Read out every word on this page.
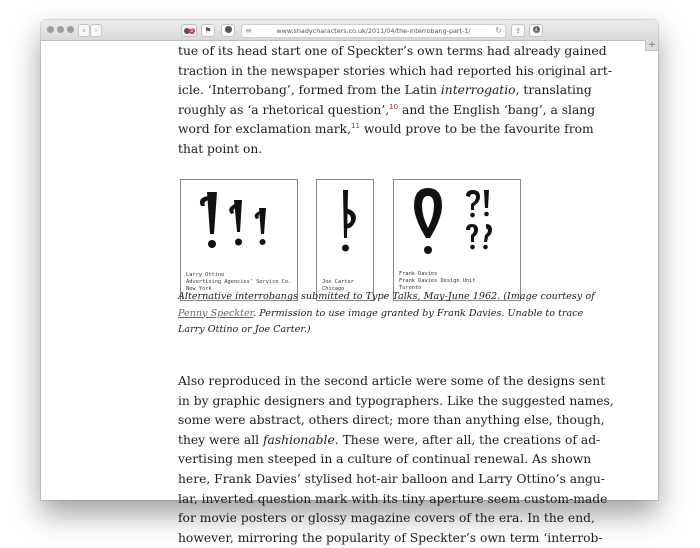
‹	›	3	⚑	≡	www.shadycharacters.co.uk/2011/04/the-interrobang-part-1/	↻	⇪	↓
+

tue of its head start one of Speckter’s own terms had already gained
traction in the newspaper stories which had reported his original art-
icle. ‘Interrobang’, formed from the Latin interrogatio, translating
roughly as ‘a rhetorical question’,$^{10}$ and the English ‘bang’, a slang
word for exclamation mark,$^{11}$ would prove to be the favourite from
that point on.

Larry Ottino
Advertising Agencies’ Service Co.
New York
Joe Carter
Chicago
Frank Davies
Frank Davies Design Unit
Toronto
Alternative interrobangs submitted to Type Talks, May-June 1962. (Image courtesy of
Penny Speckter. Permission to use image granted by Frank Davies. Unable to trace
Larry Ottino or Joe Carter.)

Also reproduced in the second article were some of the designs sent
in by graphic designers and typographers. Like the suggested names,
some were abstract, others direct; more than anything else, though,
they were all fashionable. These were, after all, the creations of ad-
vertising men steeped in a culture of continual renewal. As shown
here, Frank Davies’ stylised hot-air balloon and Larry Ottino’s angu-
lar, inverted question mark with its tiny aperture seem custom-made
for movie posters or glossy magazine covers of the era. In the end,
however, mirroring the popularity of Speckter’s own term ‘interrob-
